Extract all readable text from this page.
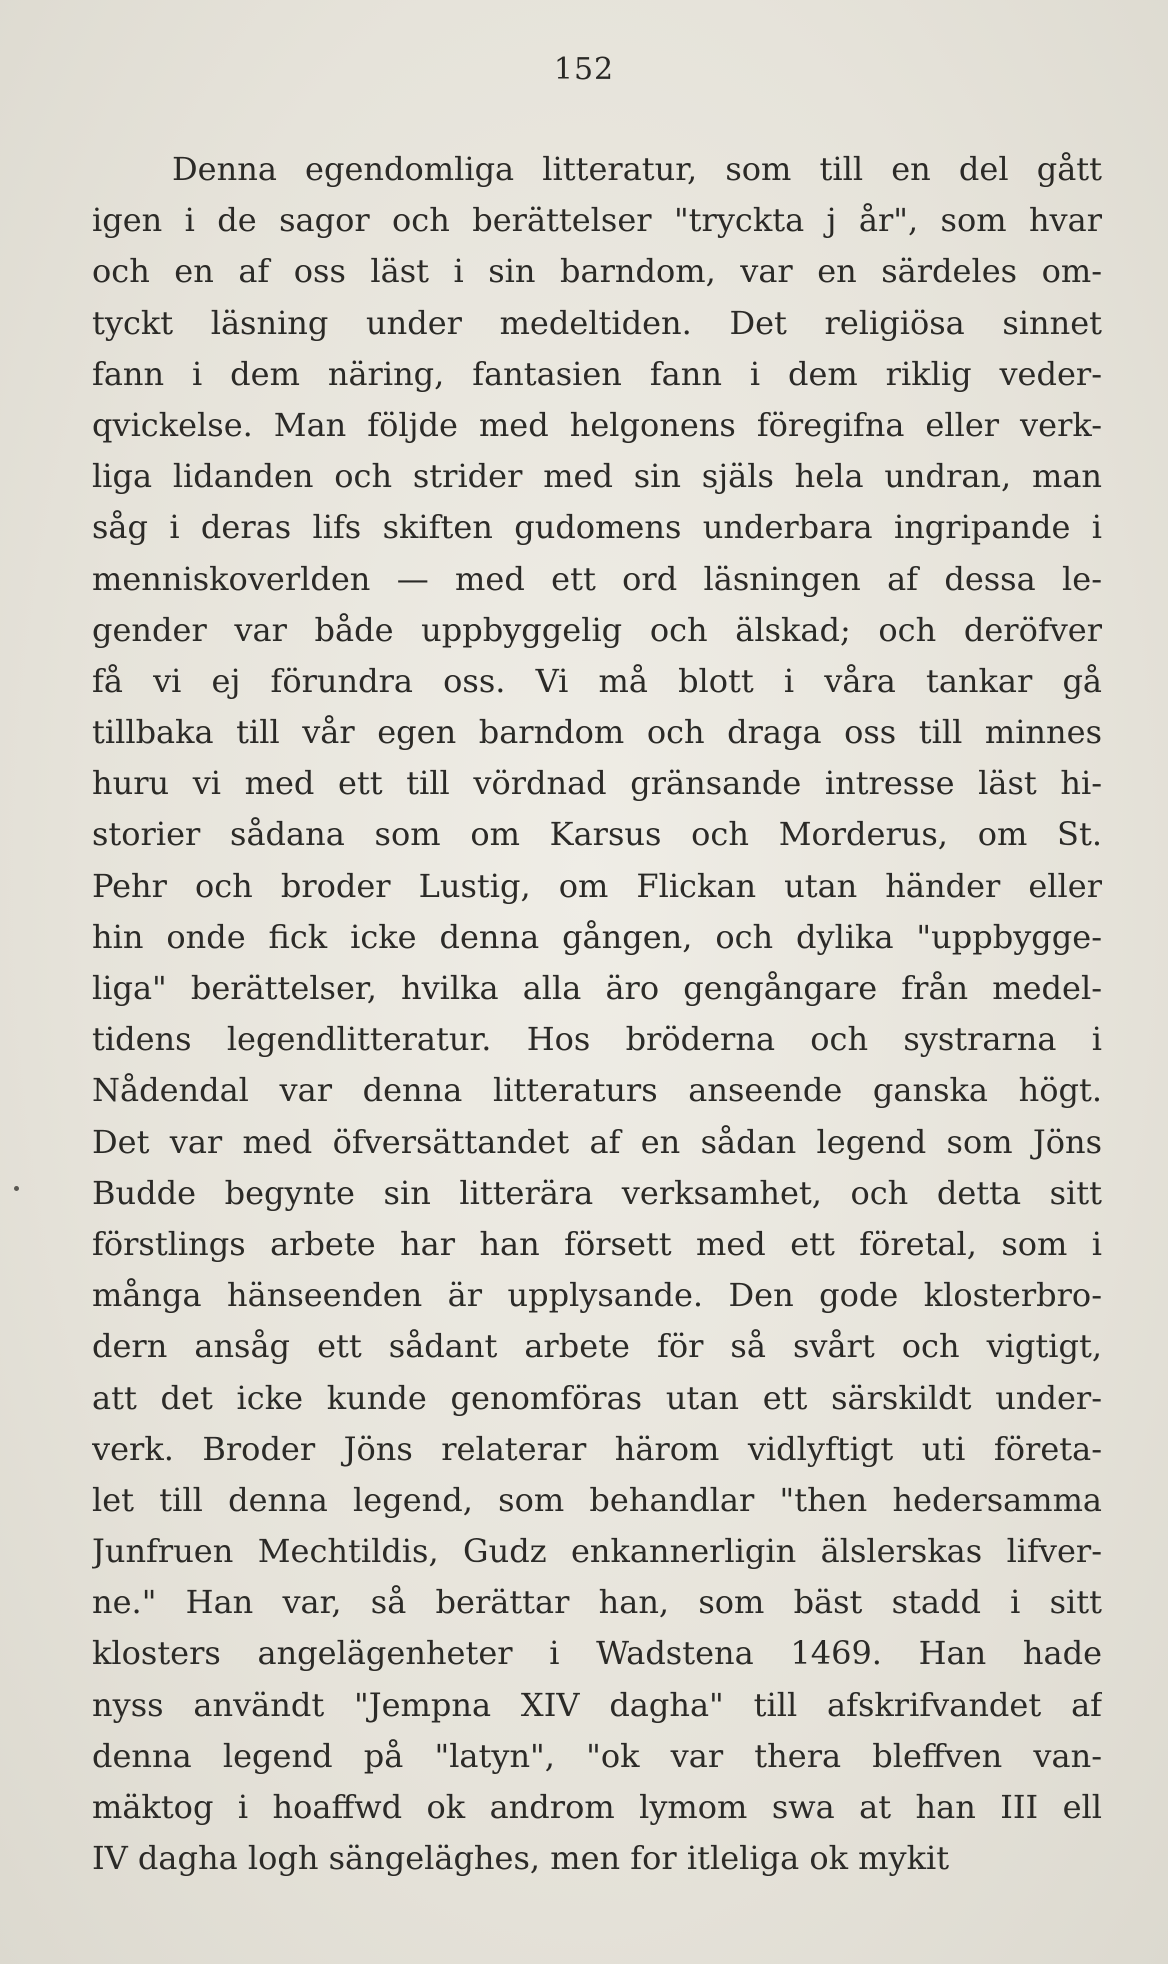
152
Denna egendomliga litteratur, som till en del gått
igen i de sagor och berättelser "tryckta j år", som hvar
och en af oss läst i sin barndom, var en särdeles om-
tyckt läsning under medeltiden. Det religiösa sinnet
fann i dem näring, fantasien fann i dem riklig veder-
qvickelse. Man följde med helgonens föregifna eller verk-
liga lidanden och strider med sin själs hela undran, man
såg i deras lifs skiften gudomens underbara ingripande i
menniskoverlden — med ett ord läsningen af dessa le-
gender var både uppbyggelig och älskad; och deröfver
få vi ej förundra oss. Vi må blott i våra tankar gå
tillbaka till vår egen barndom och draga oss till minnes
huru vi med ett till vördnad gränsande intresse läst hi-
storier sådana som om Karsus och Morderus, om St.
Pehr och broder Lustig, om Flickan utan händer eller
hin onde fick icke denna gången, och dylika "uppbygge-
liga" berättelser, hvilka alla äro gengångare från medel-
tidens legendlitteratur. Hos bröderna och systrarna i
Nådendal var denna litteraturs anseende ganska högt.
Det var med öfversättandet af en sådan legend som Jöns
Budde begynte sin litterära verksamhet, och detta sitt
förstlings arbete har han försett med ett företal, som i
många hänseenden är upplysande. Den gode klosterbro-
dern ansåg ett sådant arbete för så svårt och vigtigt,
att det icke kunde genomföras utan ett särskildt under-
verk. Broder Jöns relaterar härom vidlyftigt uti företa-
let till denna legend, som behandlar "then hedersamma
Junfruen Mechtildis, Gudz enkannerligin älslerskas lifver-
ne." Han var, så berättar han, som bäst stadd i sitt
klosters angelägenheter i Wadstena 1469. Han hade
nyss användt "Jempna XIV dagha" till afskrifvandet af
denna legend på "latyn", "ok var thera bleffven van-
mäktog i hoaffwd ok androm lymom swa at han III ell
IV dagha logh sängeläghes, men for itleliga ok mykit
